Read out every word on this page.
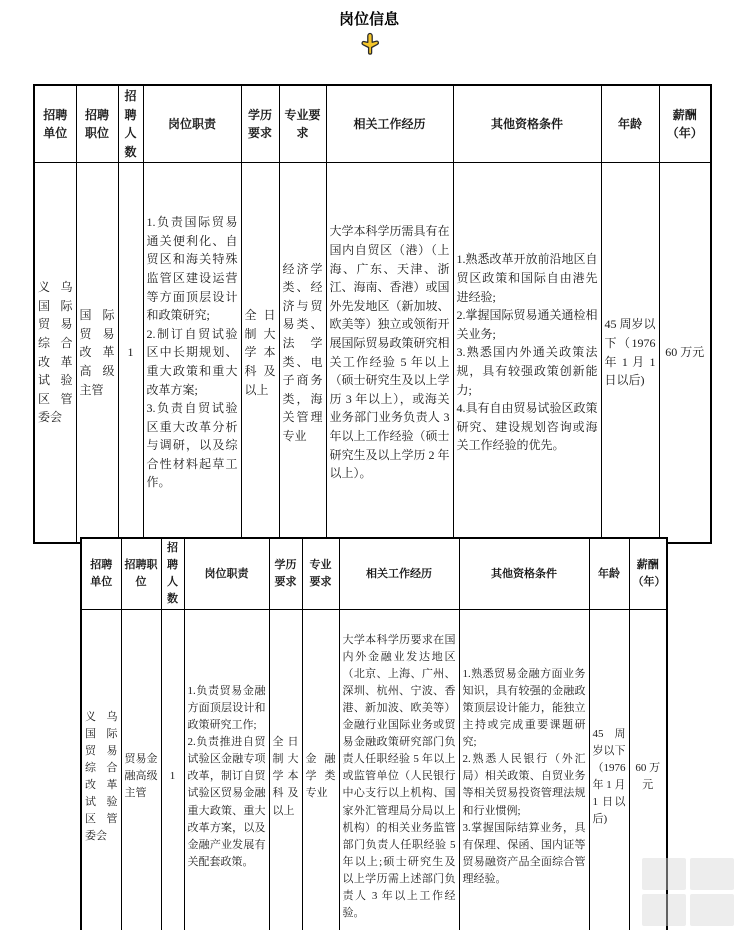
岗位信息
招聘单位	招聘职位	招聘人数	岗位职责	学历要求	专业要求	相关工作经历	其他资格条件	年龄	薪酬 （年）
义乌国际贸易综合改革试验区管委会	国际贸易改革高级主管	1	1.负责国际贸易通关便利化、自贸区和海关特殊监管区建设运营等方面顶层设计和政策研究;
2.制订自贸试验区中长期规划、重大政策和重大改革方案;
3.负责自贸试验区重大改革分析与调研，以及综合性材料起草工作。	全日制大学本科及以上	经济学类、经济与贸易类、法学类、电子商务类，海关管理专业	大学本科学历需具有在国内自贸区（港）（上海、广东、天津、浙江、海南、香港）或国外先发地区（新加坡、欧美等）独立或领衔开展国际贸易政策研究相关工作经验 5 年以上（硕士研究生及以上学历 3 年以上），或海关业务部门业务负责人 3 年以上工作经验（硕士研究生及以上学历 2 年以上）。	1.熟悉改革开放前沿地区自贸区政策和国际自由港先进经验;
2.掌握国际贸易通关通检相关业务;
3.熟悉国内外通关政策法规，具有较强政策创新能力;
4.具有自由贸易试验区政策研究、建设规划咨询或海关工作经验的优先。	45 周岁以下（1976 年 1 月 1 日以后)	60 万元
招聘单位	招聘职位	招聘人数	岗位职责	学历要求	专业要求	相关工作经历	其他资格条件	年龄	薪酬 （年）
义乌国际贸易综合改革试验区管委会	贸易金融高级主管	1	1.负责贸易金融方面顶层设计和政策研究工作;
2.负责推进自贸试验区金融专项改革，制订自贸试验区贸易金融重大政策、重大改革方案，以及金融产业发展有关配套政策。	全日制大学本科及以上	金融学类专业	大学本科学历要求在国内外金融业发达地区（北京、上海、广州、深圳、杭州、宁波、香港、新加波、欧美等）金融行业国际业务或贸易金融政策研究部门负责人任职经验 5 年以上或监管单位（人民银行中心支行以上机构、国家外汇管理局分局以上机构）的相关业务监管部门负责人任职经验 5 年以上;硕士研究生及以上学历需上述部门负责人 3 年以上工作经验。	1.熟悉贸易金融方面业务知识，具有较强的金融政策顶层设计能力，能独立主持或完成重要课题研究;
2.熟悉人民银行（外汇局）相关政策、自贸业务等相关贸易投资管理法规和行业惯例;
3.掌握国际结算业务，具有保理、保函、国内证等贸易融资产品全面综合管理经验。	45 周岁以下（1976 年 1 月 1 日以后)	60 万元
